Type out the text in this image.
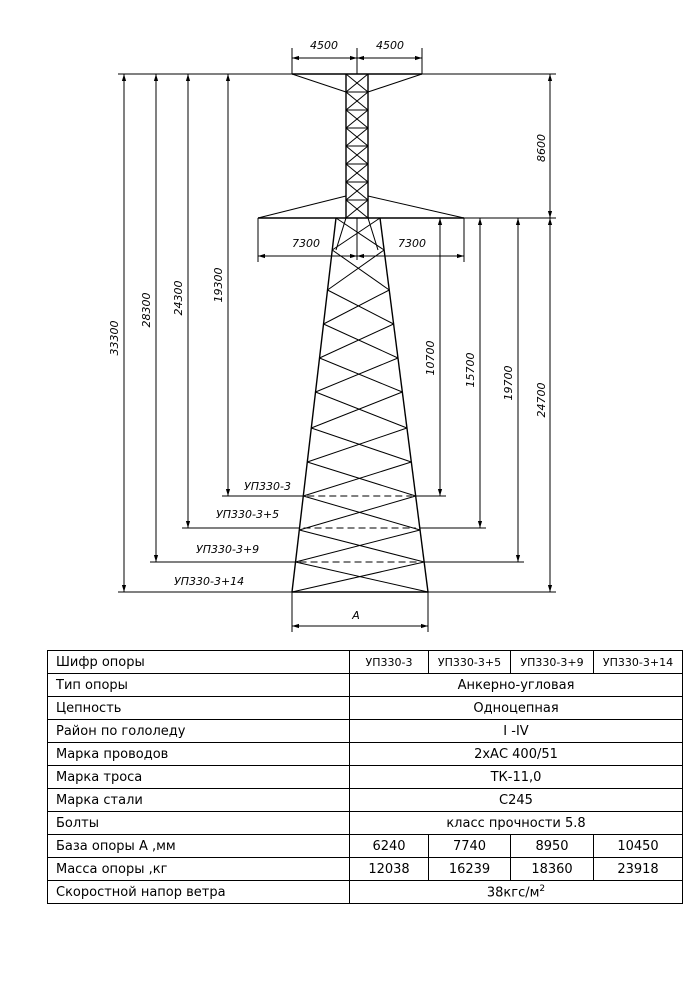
4500	4500
7300	7300
33300
28300 24300 19300
8600
10700 15700 19700 24700
УП330-3
УП330-3+5
УП330-3+9
УП330-3+14
A
Шифр опоры	УП330-3	УП330-3+5	УП330-3+9	УП330-3+14
Тип опоры	Анкерно-угловая			
Цепность	Одноцепная			
Район по гололеду	I -IV			
Марка проводов	2хАС 400/51			
Марка троса	ТК-11,0			
Марка стали	С245			
Болты	класс прочности 5.8			
База опоры А ,мм	6240	7740	8950	10450
Масса опоры ,кг	12038	16239	18360	23918
Скоростной напор ветра	$38кгс/м^2$
